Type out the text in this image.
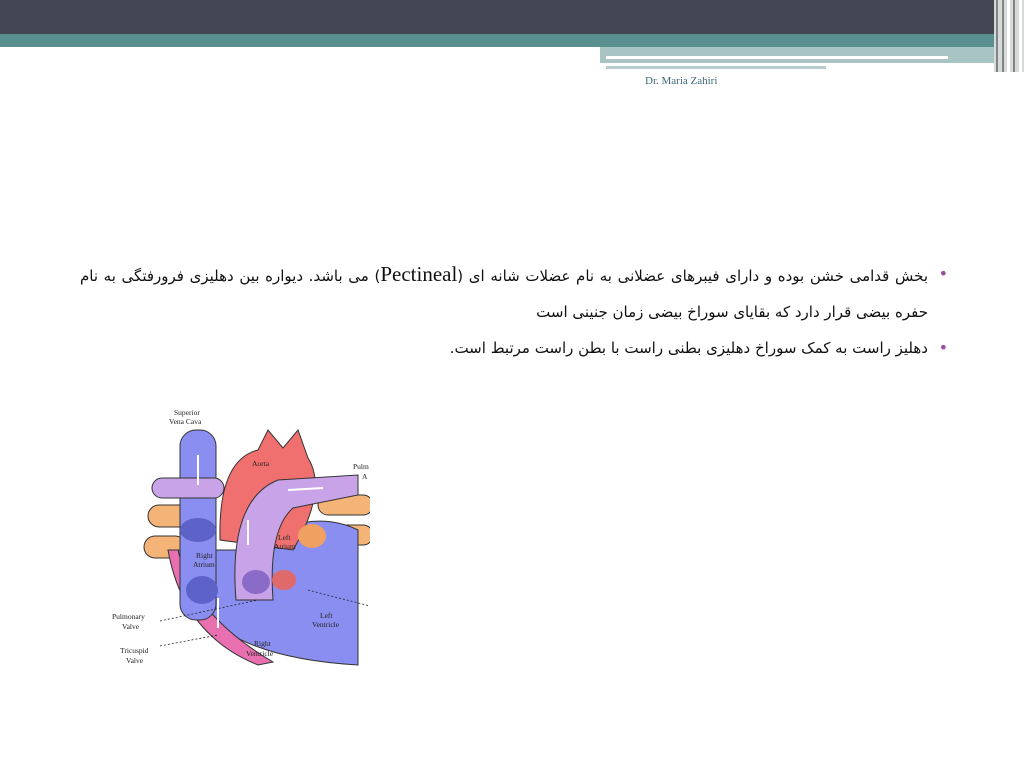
Dr. Maria Zahiri
•
بخش قدامی خشن بوده و دارای فیبرهای عضلانی به نام عضلات شانه ای (Pectineal) می باشد. دیواره بین دهلیزی فرورفتگی به نام حفره بیضی قرار دارد که بقایای سوراخ بیضی زمان جنینی است
•
دهلیز راست به کمک سوراخ دهلیزی بطنی راست با بطن راست مرتبط است.
Superior
Vena Cava
Aorta	Pulm
A
Left
Atrium
Right
Atrium
Left
Ventricle
Right
Ventricle
Pulmonary
Valve
Tricuspid
Valve
